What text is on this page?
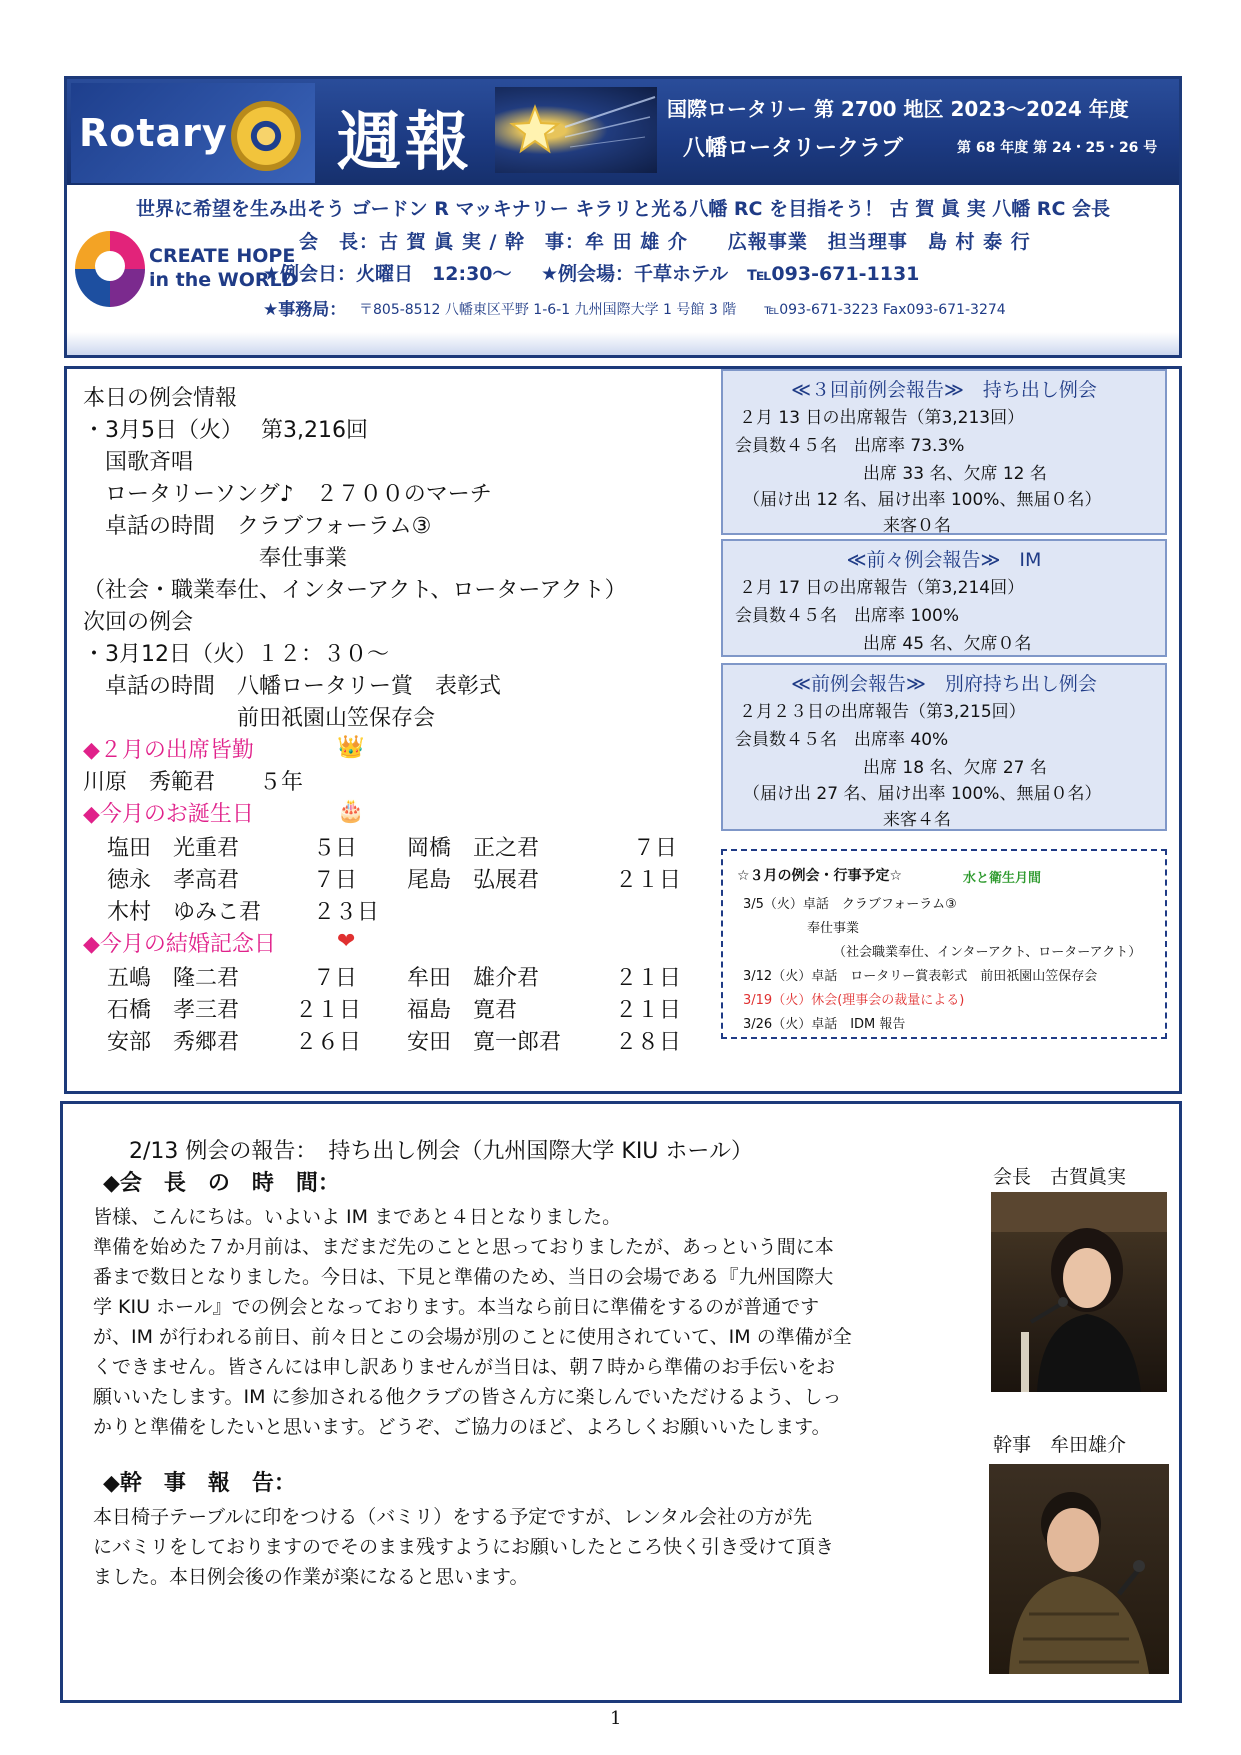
Rotary 週報	国際ロータリー 第 2700 地区 2023〜2024 年度
八幡ロータリークラブ	第 68 年度 第 24・25・26 号
世界に希望を生み出そう ゴードン R マッキナリー キラリと光る八幡 RC を目指そう！ 古 賀 眞 実 八幡 RC 会長
CREATE HOPE
in the WORLD
会　長：古 賀 眞 実 / 幹　事：牟 田 雄 介　　広報事業　担当理事　島 村 泰 行
★例会日：火曜日　12:30〜 ★例会場：千草ホテル　℡093-671-1131
★事務局： 〒805-8512 八幡東区平野 1-6-1 九州国際大学 1 号館 3 階　　℡093-671-3223 Fax093-671-3274
本日の例会情報
・3月5日（火）　 第3,216回
　国歌斉唱
　ロータリーソング♪　２７００のマーチ
　卓話の時間　クラブフォーラム③
　　　　　　　　奉仕事業
（社会・職業奉仕、インターアクト、ローターアクト）
次回の例会
・3月12日（火）１２：３０〜
　卓話の時間　八幡ロータリー賞　表彰式
　　　　　　　前田祇園山笠保存会
◆２月の出席皆勤	👑
川原　秀範君　　５年
◆今月のお誕生日	🎂
塩田　光重君	５日 岡橋　正之君	７日
徳永　孝高君	７日 尾島　弘展君	２１日
木村　ゆみこ君 ２３日
◆今月の結婚記念日	❤
五嶋　隆二君	７日 牟田　雄介君	２１日
石橋　孝三君	２１日 福島　寛君	２１日
安部　秀郷君	２６日 安田　寛一郎君 ２８日
≪３回前例会報告≫　持ち出し例会
２月 13 日の出席報告（第3,213回）
会員数４５名　出席率 73.3%
出席 33 名、欠席 12 名
（届け出 12 名、届け出率 100%、無届０名）
来客０名
≪前々例会報告≫　IM
２月 17 日の出席報告（第3,214回）
会員数４５名　出席率 100%
出席 45 名、欠席０名
≪前例会報告≫　別府持ち出し例会
２月２３日の出席報告（第3,215回）
会員数４５名　出席率 40%
出席 18 名、欠席 27 名
（届け出 27 名、届け出率 100%、無届０名）
来客４名
☆３月の例会・行事予定☆	水と衛生月間
3/5（火）卓話　クラブフォーラム③
奉仕事業
（社会職業奉仕、インターアクト、ローターアクト）
3/12（火）卓話　ロータリー賞表彰式　前田祇園山笠保存会
3/19（火）休会(理事会の裁量による)
3/26（火）卓話　IDM 報告
2/13 例会の報告：　持ち出し例会（九州国際大学 KIU ホール）
◆会　長　の　時　間：
皆様、こんにちは。いよいよ IM まであと４日となりました。
準備を始めた７か月前は、まだまだ先のことと思っておりましたが、あっという間に本
番まで数日となりました。今日は、下見と準備のため、当日の会場である『九州国際大
学 KIU ホール』での例会となっております。本当なら前日に準備をするのが普通です
が、IM が行われる前日、前々日とこの会場が別のことに使用されていて、IM の準備が全
くできません。皆さんには申し訳ありませんが当日は、朝７時から準備のお手伝いをお
願いいたします。IM に参加される他クラブの皆さん方に楽しんでいただけるよう、しっ
かりと準備をしたいと思います。どうぞ、ご協力のほど、よろしくお願いいたします。
◆幹　事　報　告：
本日椅子テーブルに印をつける（バミリ）をする予定ですが、レンタル会社の方が先
にバミリをしておりますのでそのまま残すようにお願いしたところ快く引き受けて頂き
ました。本日例会後の作業が楽になると思います。
会長　古賀眞実
幹事　牟田雄介
1
